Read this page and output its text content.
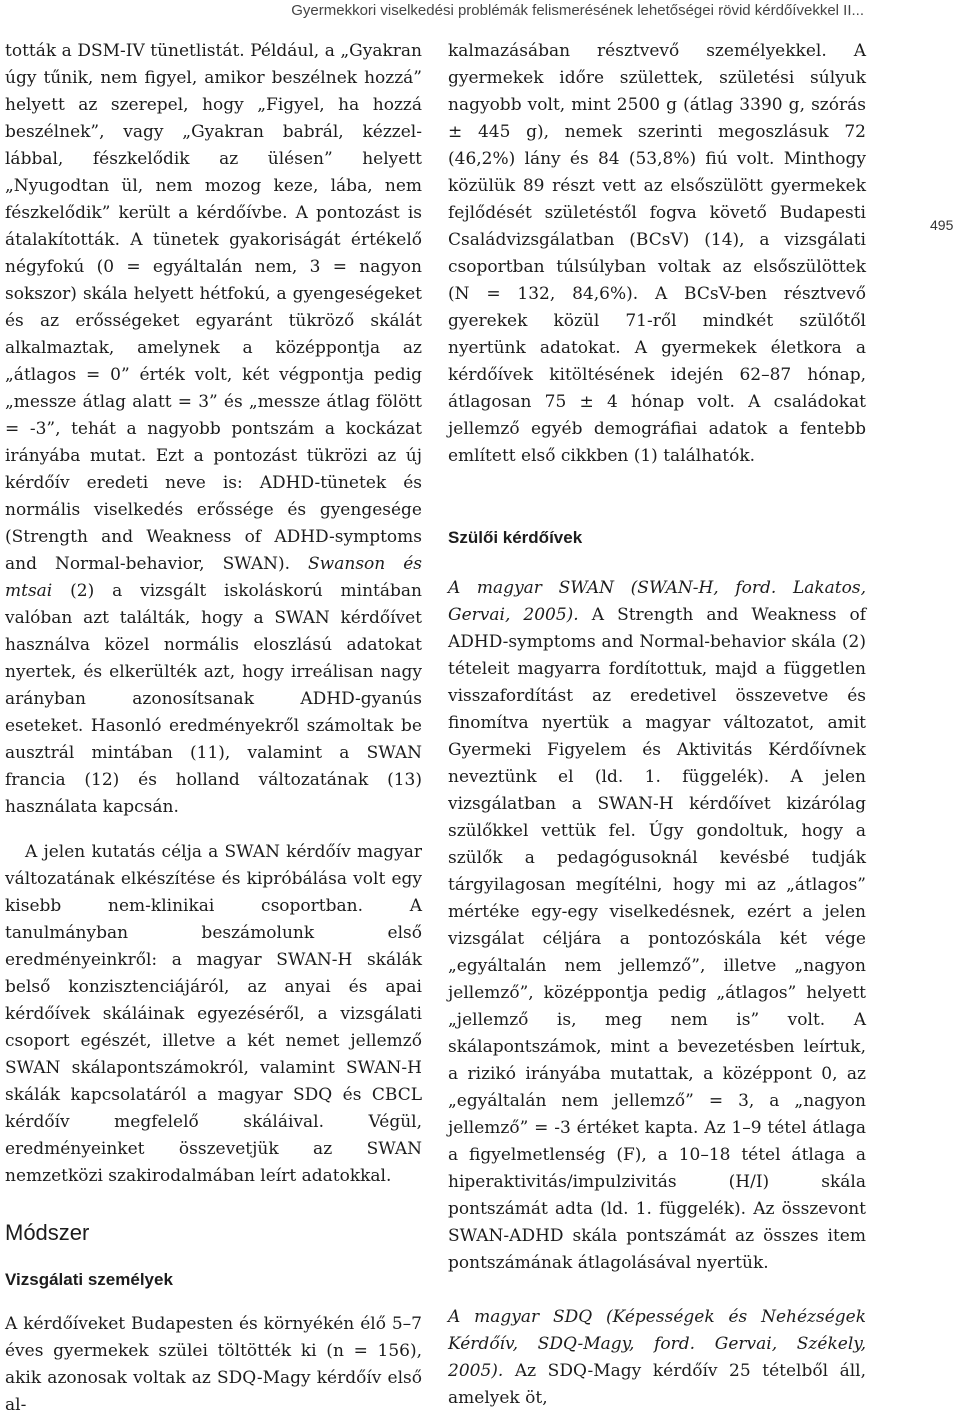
Gyermekkori viselkedési problémák felismerésének lehetőségei rövid kérdőívekkel II...
495

tották a DSM-IV tünetlistát. Például, a „Gyakran úgy tűnik, nem figyel, amikor beszélnek hozzá” helyett az szerepel, hogy „Figyel, ha hozzá beszélnek”, vagy „Gyakran babrál, kézzel-lábbal, fészkelődik az ülésen” helyett „Nyugodtan ül, nem mozog keze, lába, nem fészkelődik” került a kérdőívbe. A pontozást is átalakították. A tünetek gyakoriságát értékelő négyfokú (0 = egyáltalán nem, 3 = nagyon sokszor) skála helyett hétfokú, a gyengeségeket és az erősségeket egyaránt tükröző skálát alkalmaztak, amelynek a középpontja az „átlagos = 0” érték volt, két végpontja pedig „messze átlag alatt = 3” és „messze átlag fölött = -3”, tehát a nagyobb pontszám a kockázat irányába mutat. Ezt a pontozást tükrözi az új kérdőív eredeti neve is: ADHD-tünetek és normális viselkedés erőssége és gyengesége (Strength and Weakness of ADHD-symptoms and Normal-behavior, SWAN). Swanson és mtsai (2) a vizsgált iskoláskorú mintában valóban azt találták, hogy a SWAN kérdőívet használva közel normális eloszlású adatokat nyertek, és elkerülték azt, hogy irreálisan nagy arányban azonosítsanak ADHD-gyanús eseteket. Hasonló eredményekről számoltak be ausztrál mintában (11), valamint a SWAN francia (12) és holland változatának (13) használata kapcsán.

A jelen kutatás célja a SWAN kérdőív magyar változatának elkészítése és kipróbálása volt egy kisebb nem-klinikai csoportban. A tanulmányban beszámolunk első eredményeinkről: a magyar SWAN-H skálák belső konzisztenciájáról, az anyai és apai kérdőívek skáláinak egyezéséről, a vizsgálati csoport egészét, illetve a két nemet jellemző SWAN skálapontszámokról, valamint SWAN-H skálák kapcsolatáról a magyar SDQ és CBCL kérdőív megfelelő skáláival. Végül, eredményeinket összevetjük az SWAN nemzetközi szakirodalmában leírt adatokkal.

Módszer

Vizsgálati személyek

A kérdőíveket Budapesten és környékén élő 5–7 éves gyermekek szülei töltötték ki (n = 156), akik azonosak voltak az SDQ-Magy kérdőív első al-

kalmazásában résztvevő személyekkel. A gyermekek időre születtek, születési súlyuk nagyobb volt, mint 2500 g (átlag 3390 g, szórás ± 445 g), nemek szerinti megoszlásuk 72 (46,2%) lány és 84 (53,8%) fiú volt. Minthogy közülük 89 részt vett az elsőszülött gyermekek fejlődését születéstől fogva követő Budapesti Családvizsgálatban (BCsV) (14), a vizsgálati csoportban túlsúlyban voltak az elsőszülöttek (N = 132, 84,6%). A BCsV-ben résztvevő gyerekek közül 71-ről mindkét szülőtől nyertünk adatokat. A gyermekek életkora a kérdőívek kitöltésének idején 62–87 hónap, átlagosan 75 ± 4 hónap volt. A családokat jellemző egyéb demográfiai adatok a fentebb említett első cikkben (1) találhatók.

Szülői kérdőívek

A magyar SWAN (SWAN-H, ford. Lakatos, Gervai, 2005). A Strength and Weakness of ADHD-symptoms and Normal-behavior skála (2) tételeit magyarra fordítottuk, majd a független visszafordítást az eredetivel összevetve és finomítva nyertük a magyar változatot, amit Gyermeki Figyelem és Aktivitás Kérdőívnek neveztünk el (ld. 1. függelék). A jelen vizsgálatban a SWAN-H kérdőívet kizárólag szülőkkel vettük fel. Úgy gondoltuk, hogy a szülők a pedagógusoknál kevésbé tudják tárgyilagosan megítélni, hogy mi az „átlagos” mértéke egy-egy viselkedésnek, ezért a jelen vizsgálat céljára a pontozóskála két vége „egyáltalán nem jellemző”, illetve „nagyon jellemző”, középpontja pedig „átlagos” helyett „jellemző is, meg nem is” volt. A skálapontszámok, mint a bevezetésben leírtuk, a rizikó irányába mutattak, a középpont 0, az „egyáltalán nem jellemző” = 3, a „nagyon jellemző” = -3 értéket kapta. Az 1–9 tétel átlaga a figyelmetlenség (F), a 10–18 tétel átlaga a hiperaktivitás/impulzivitás (H/I) skála pontszámát adta (ld. 1. függelék). Az összevont SWAN-ADHD skála pontszámát az összes item pontszámának átlagolásával nyertük.

A magyar SDQ (Képességek és Nehézségek Kérdőív, SDQ-Magy, ford. Gervai, Székely, 2005). Az SDQ-Magy kérdőív 25 tételből áll, amelyek öt,
